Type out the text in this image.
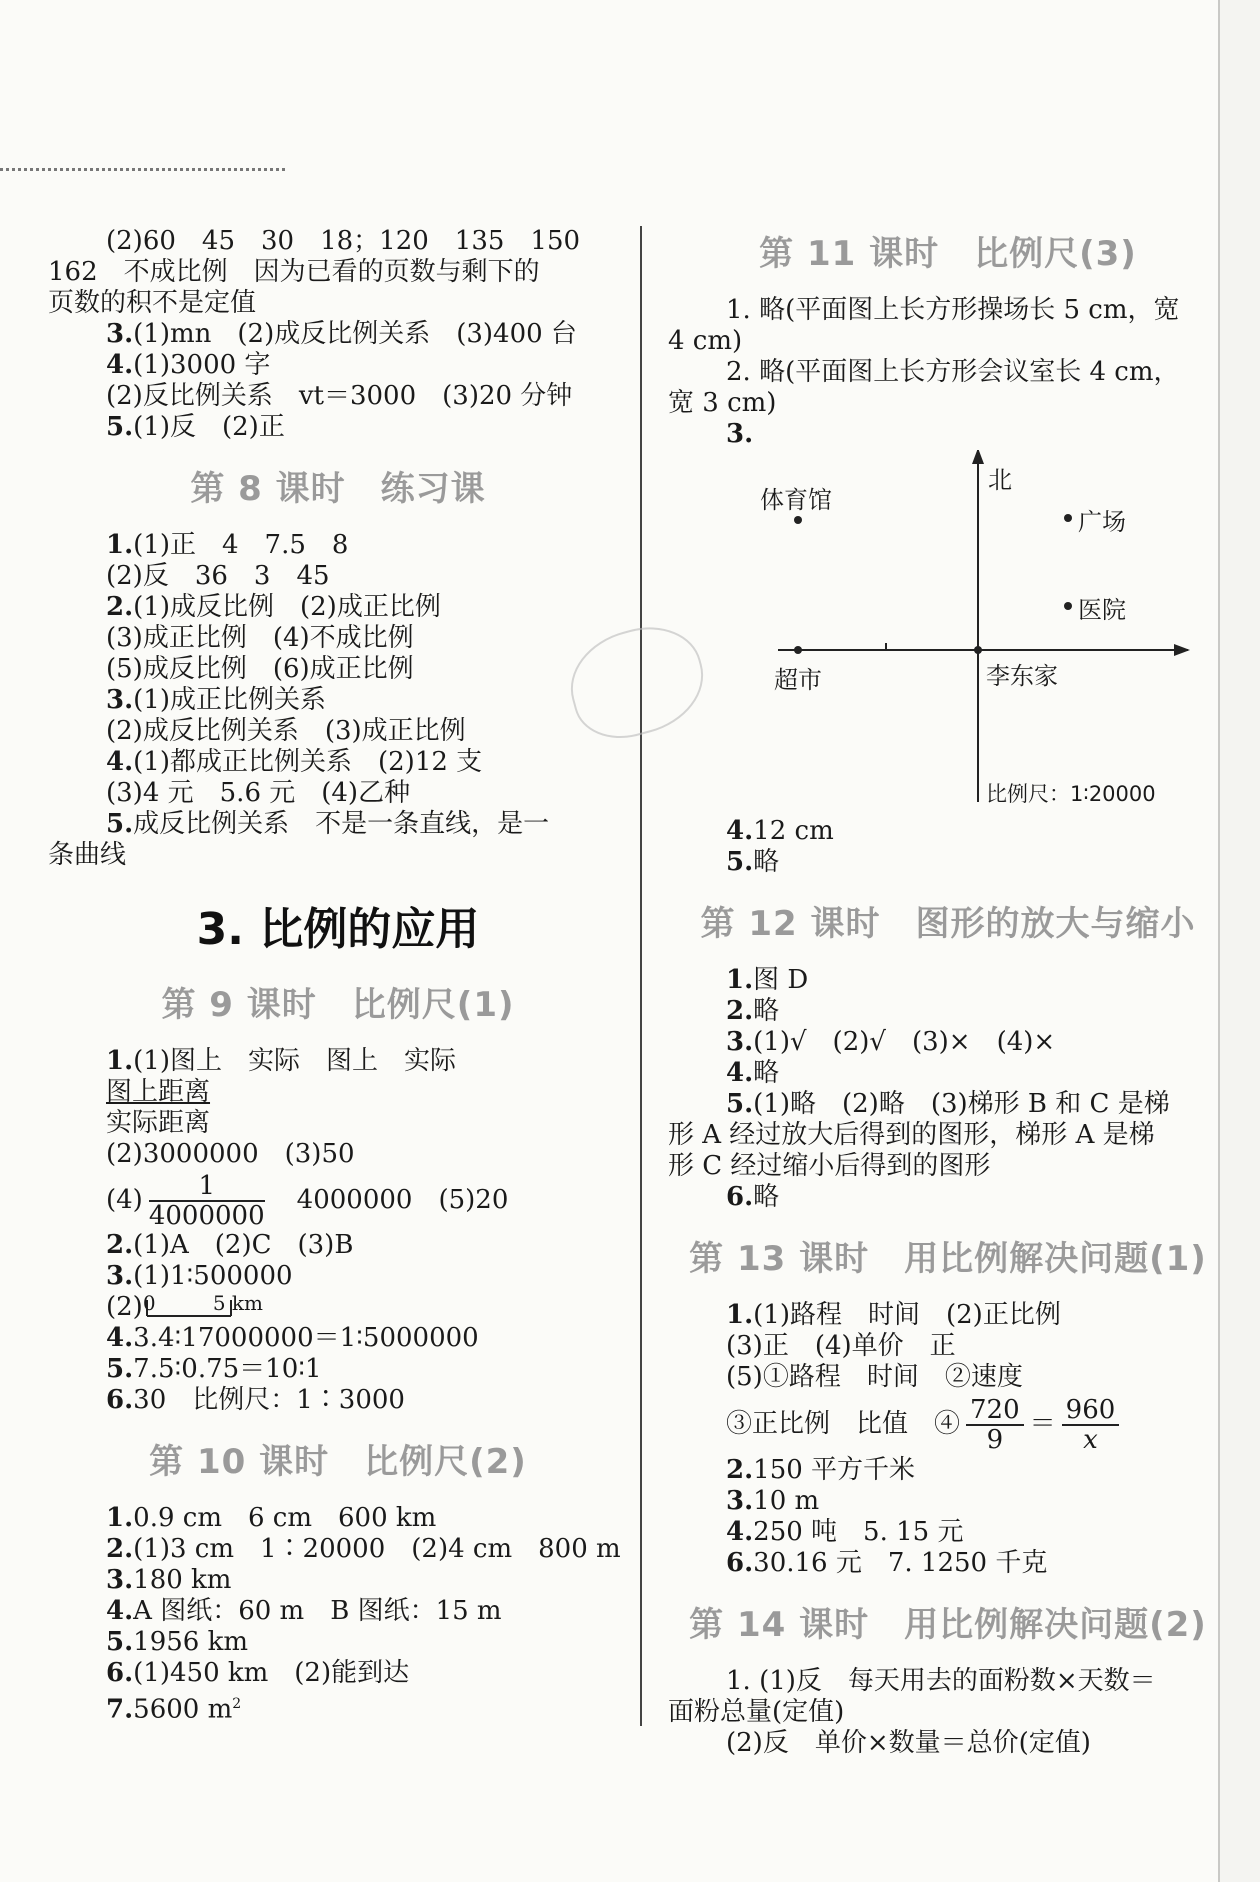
(2)60　45　30　18；120　135　150
162　不成比例　因为已看的页数与剩下的
页数的积不是定值
3.(1)mn　(2)成反比例关系　(3)400 台
4.(1)3000 字
(2)反比例关系　vt＝3000　(3)20 分钟
5.(1)反　(2)正
第 8 课时　练习课
1.(1)正　4　7.5　8
(2)反　36　3　45
2.(1)成反比例　(2)成正比例
(3)成正比例　(4)不成比例
(5)成反比例　(6)成正比例
3.(1)成正比例关系
(2)成反比例关系　(3)成正比例
4.(1)都成正比例关系　(2)12 支
(3)4 元　5.6 元　(4)乙种
5.成反比例关系　不是一条直线，是一
条曲线
3. 比例的应用
第 9 课时　比例尺(1)
1.(1)图上　实际　图上　实际
图上距离
实际距离
(2)3000000　(3)50
$(4) \frac{1}{4000000}$
　 4000000　(5)20
2.(1)A　(2)C　(3)B
3.(1)1∶500000
(2) 0	5 km
4.3.4∶17000000＝1∶5000000
5.7.5∶0.75＝10∶1
6.30　比例尺：1∶3000
第 10 课时　比例尺(2)
1.0.9 cm　6 cm　600 km
2.(1)3 cm　1∶20000　(2)4 cm　800 m
3.180 km
4.A 图纸：60 m　B 图纸：15 m
5.1956 km
6.(1)450 km　(2)能到达
7.5600 $m^2$
第 11 课时　比例尺(3)
1. 略(平面图上长方形操场长 5 cm，宽
4 cm)
2. 略(平面图上长方形会议室长 4 cm，
宽 3 cm)
3.
北
体育馆
广场
医院
超市	李东家
比例尺：1∶20000
4.12 cm
5.略
第 12 课时　图形的放大与缩小
1.图 D
2.略
3.(1)√　(2)√　(3)×　(4)×
4.略
5.(1)略　(2)略　(3)梯形 B 和 C 是梯
形 A 经过放大后得到的图形，梯形 A 是梯
形 C 经过缩小后得到的图形
6.略
第 13 课时　用比例解决问题(1)
1.(1)路程　时间　(2)正比例
(3)正　(4)单价　正
(5)①路程　时间　②速度
③正比例　比值　④ $\frac{720}{9} = \frac{960}{x}$
2.150 平方千米
3.10 m
4.250 吨　5. 15 元
6.30.16 元　7. 1250 千克
第 14 课时　用比例解决问题(2)
1. (1)反　每天用去的面粉数×天数＝
面粉总量(定值)
(2)反　单价×数量＝总价(定值)
